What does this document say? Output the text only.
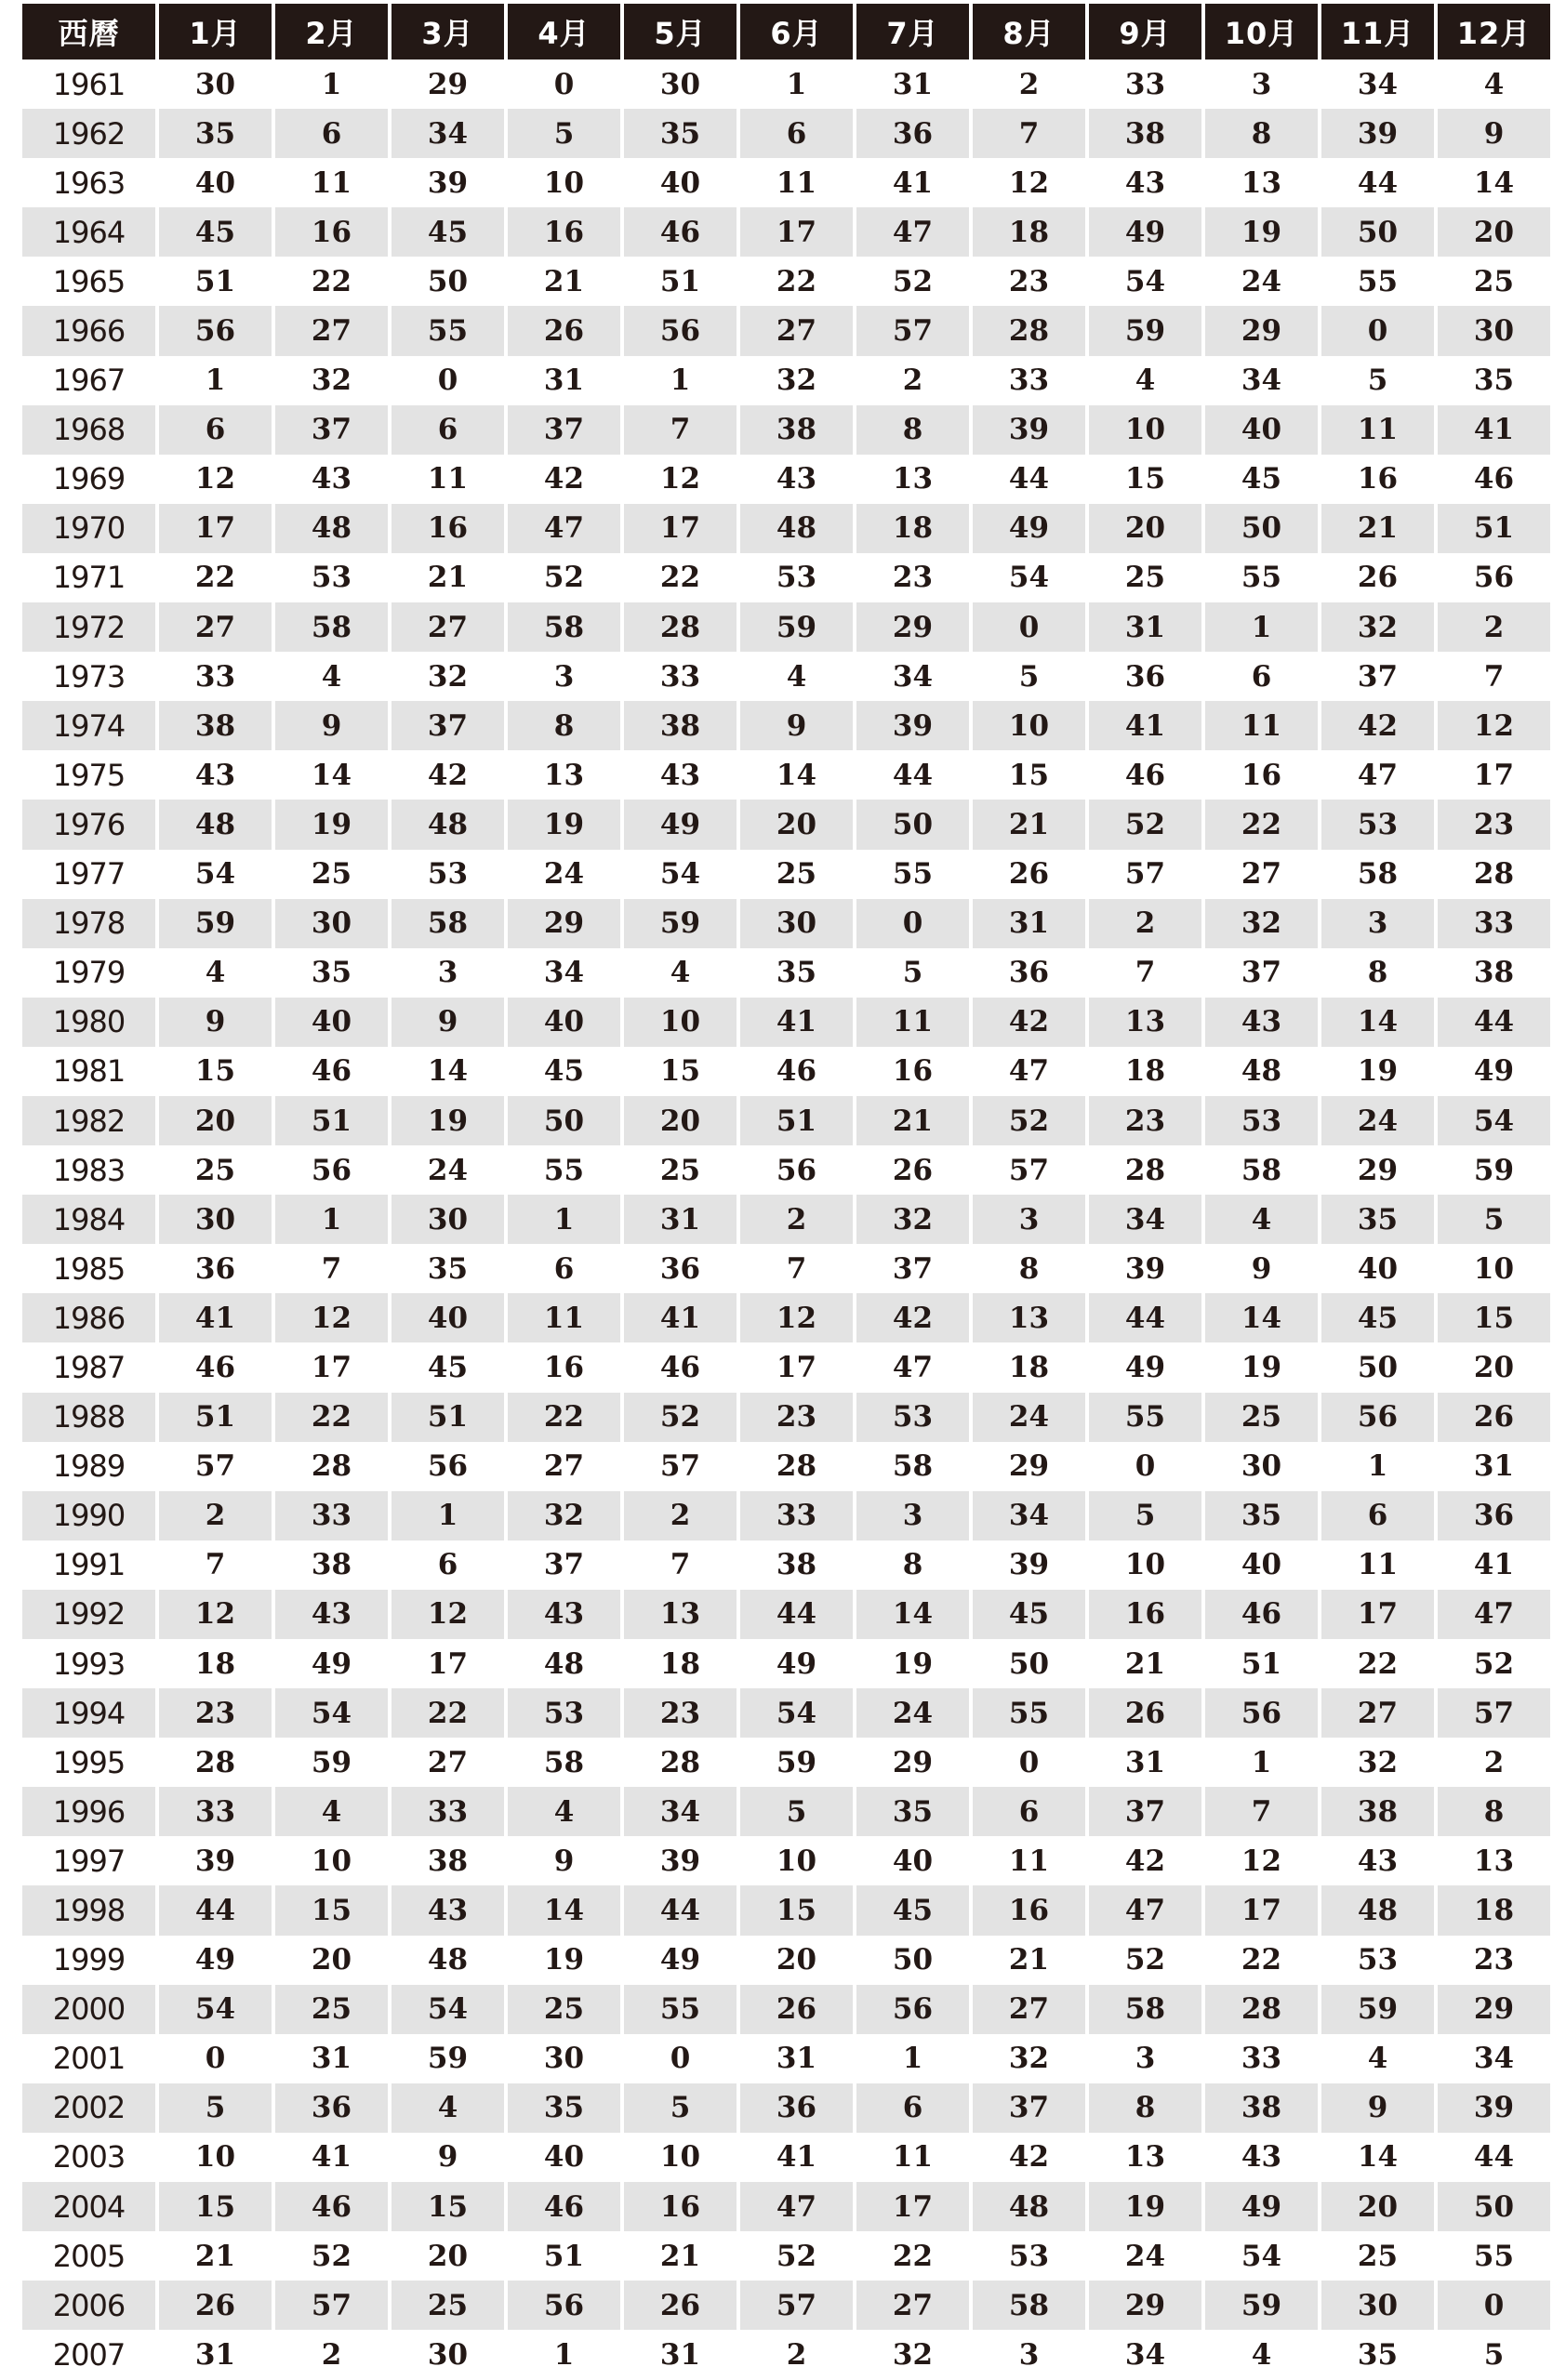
西曆	1月	2月	3月	4月	5月	6月	7月	8月	9月	10月	11月	12月
1961	30	1	29	0	30	1	31	2	33	3	34	4
1962	35	6	34	5	35	6	36	7	38	8	39	9
1963	40	11	39	10	40	11	41	12	43	13	44	14
1964	45	16	45	16	46	17	47	18	49	19	50	20
1965	51	22	50	21	51	22	52	23	54	24	55	25
1966	56	27	55	26	56	27	57	28	59	29	0	30
1967	1	32	0	31	1	32	2	33	4	34	5	35
1968	6	37	6	37	7	38	8	39	10	40	11	41
1969	12	43	11	42	12	43	13	44	15	45	16	46
1970	17	48	16	47	17	48	18	49	20	50	21	51
1971	22	53	21	52	22	53	23	54	25	55	26	56
1972	27	58	27	58	28	59	29	0	31	1	32	2
1973	33	4	32	3	33	4	34	5	36	6	37	7
1974	38	9	37	8	38	9	39	10	41	11	42	12
1975	43	14	42	13	43	14	44	15	46	16	47	17
1976	48	19	48	19	49	20	50	21	52	22	53	23
1977	54	25	53	24	54	25	55	26	57	27	58	28
1978	59	30	58	29	59	30	0	31	2	32	3	33
1979	4	35	3	34	4	35	5	36	7	37	8	38
1980	9	40	9	40	10	41	11	42	13	43	14	44
1981	15	46	14	45	15	46	16	47	18	48	19	49
1982	20	51	19	50	20	51	21	52	23	53	24	54
1983	25	56	24	55	25	56	26	57	28	58	29	59
1984	30	1	30	1	31	2	32	3	34	4	35	5
1985	36	7	35	6	36	7	37	8	39	9	40	10
1986	41	12	40	11	41	12	42	13	44	14	45	15
1987	46	17	45	16	46	17	47	18	49	19	50	20
1988	51	22	51	22	52	23	53	24	55	25	56	26
1989	57	28	56	27	57	28	58	29	0	30	1	31
1990	2	33	1	32	2	33	3	34	5	35	6	36
1991	7	38	6	37	7	38	8	39	10	40	11	41
1992	12	43	12	43	13	44	14	45	16	46	17	47
1993	18	49	17	48	18	49	19	50	21	51	22	52
1994	23	54	22	53	23	54	24	55	26	56	27	57
1995	28	59	27	58	28	59	29	0	31	1	32	2
1996	33	4	33	4	34	5	35	6	37	7	38	8
1997	39	10	38	9	39	10	40	11	42	12	43	13
1998	44	15	43	14	44	15	45	16	47	17	48	18
1999	49	20	48	19	49	20	50	21	52	22	53	23
2000	54	25	54	25	55	26	56	27	58	28	59	29
2001	0	31	59	30	0	31	1	32	3	33	4	34
2002	5	36	4	35	5	36	6	37	8	38	9	39
2003	10	41	9	40	10	41	11	42	13	43	14	44
2004	15	46	15	46	16	47	17	48	19	49	20	50
2005	21	52	20	51	21	52	22	53	24	54	25	55
2006	26	57	25	56	26	57	27	58	29	59	30	0
2007	31	2	30	1	31	2	32	3	34	4	35	5
